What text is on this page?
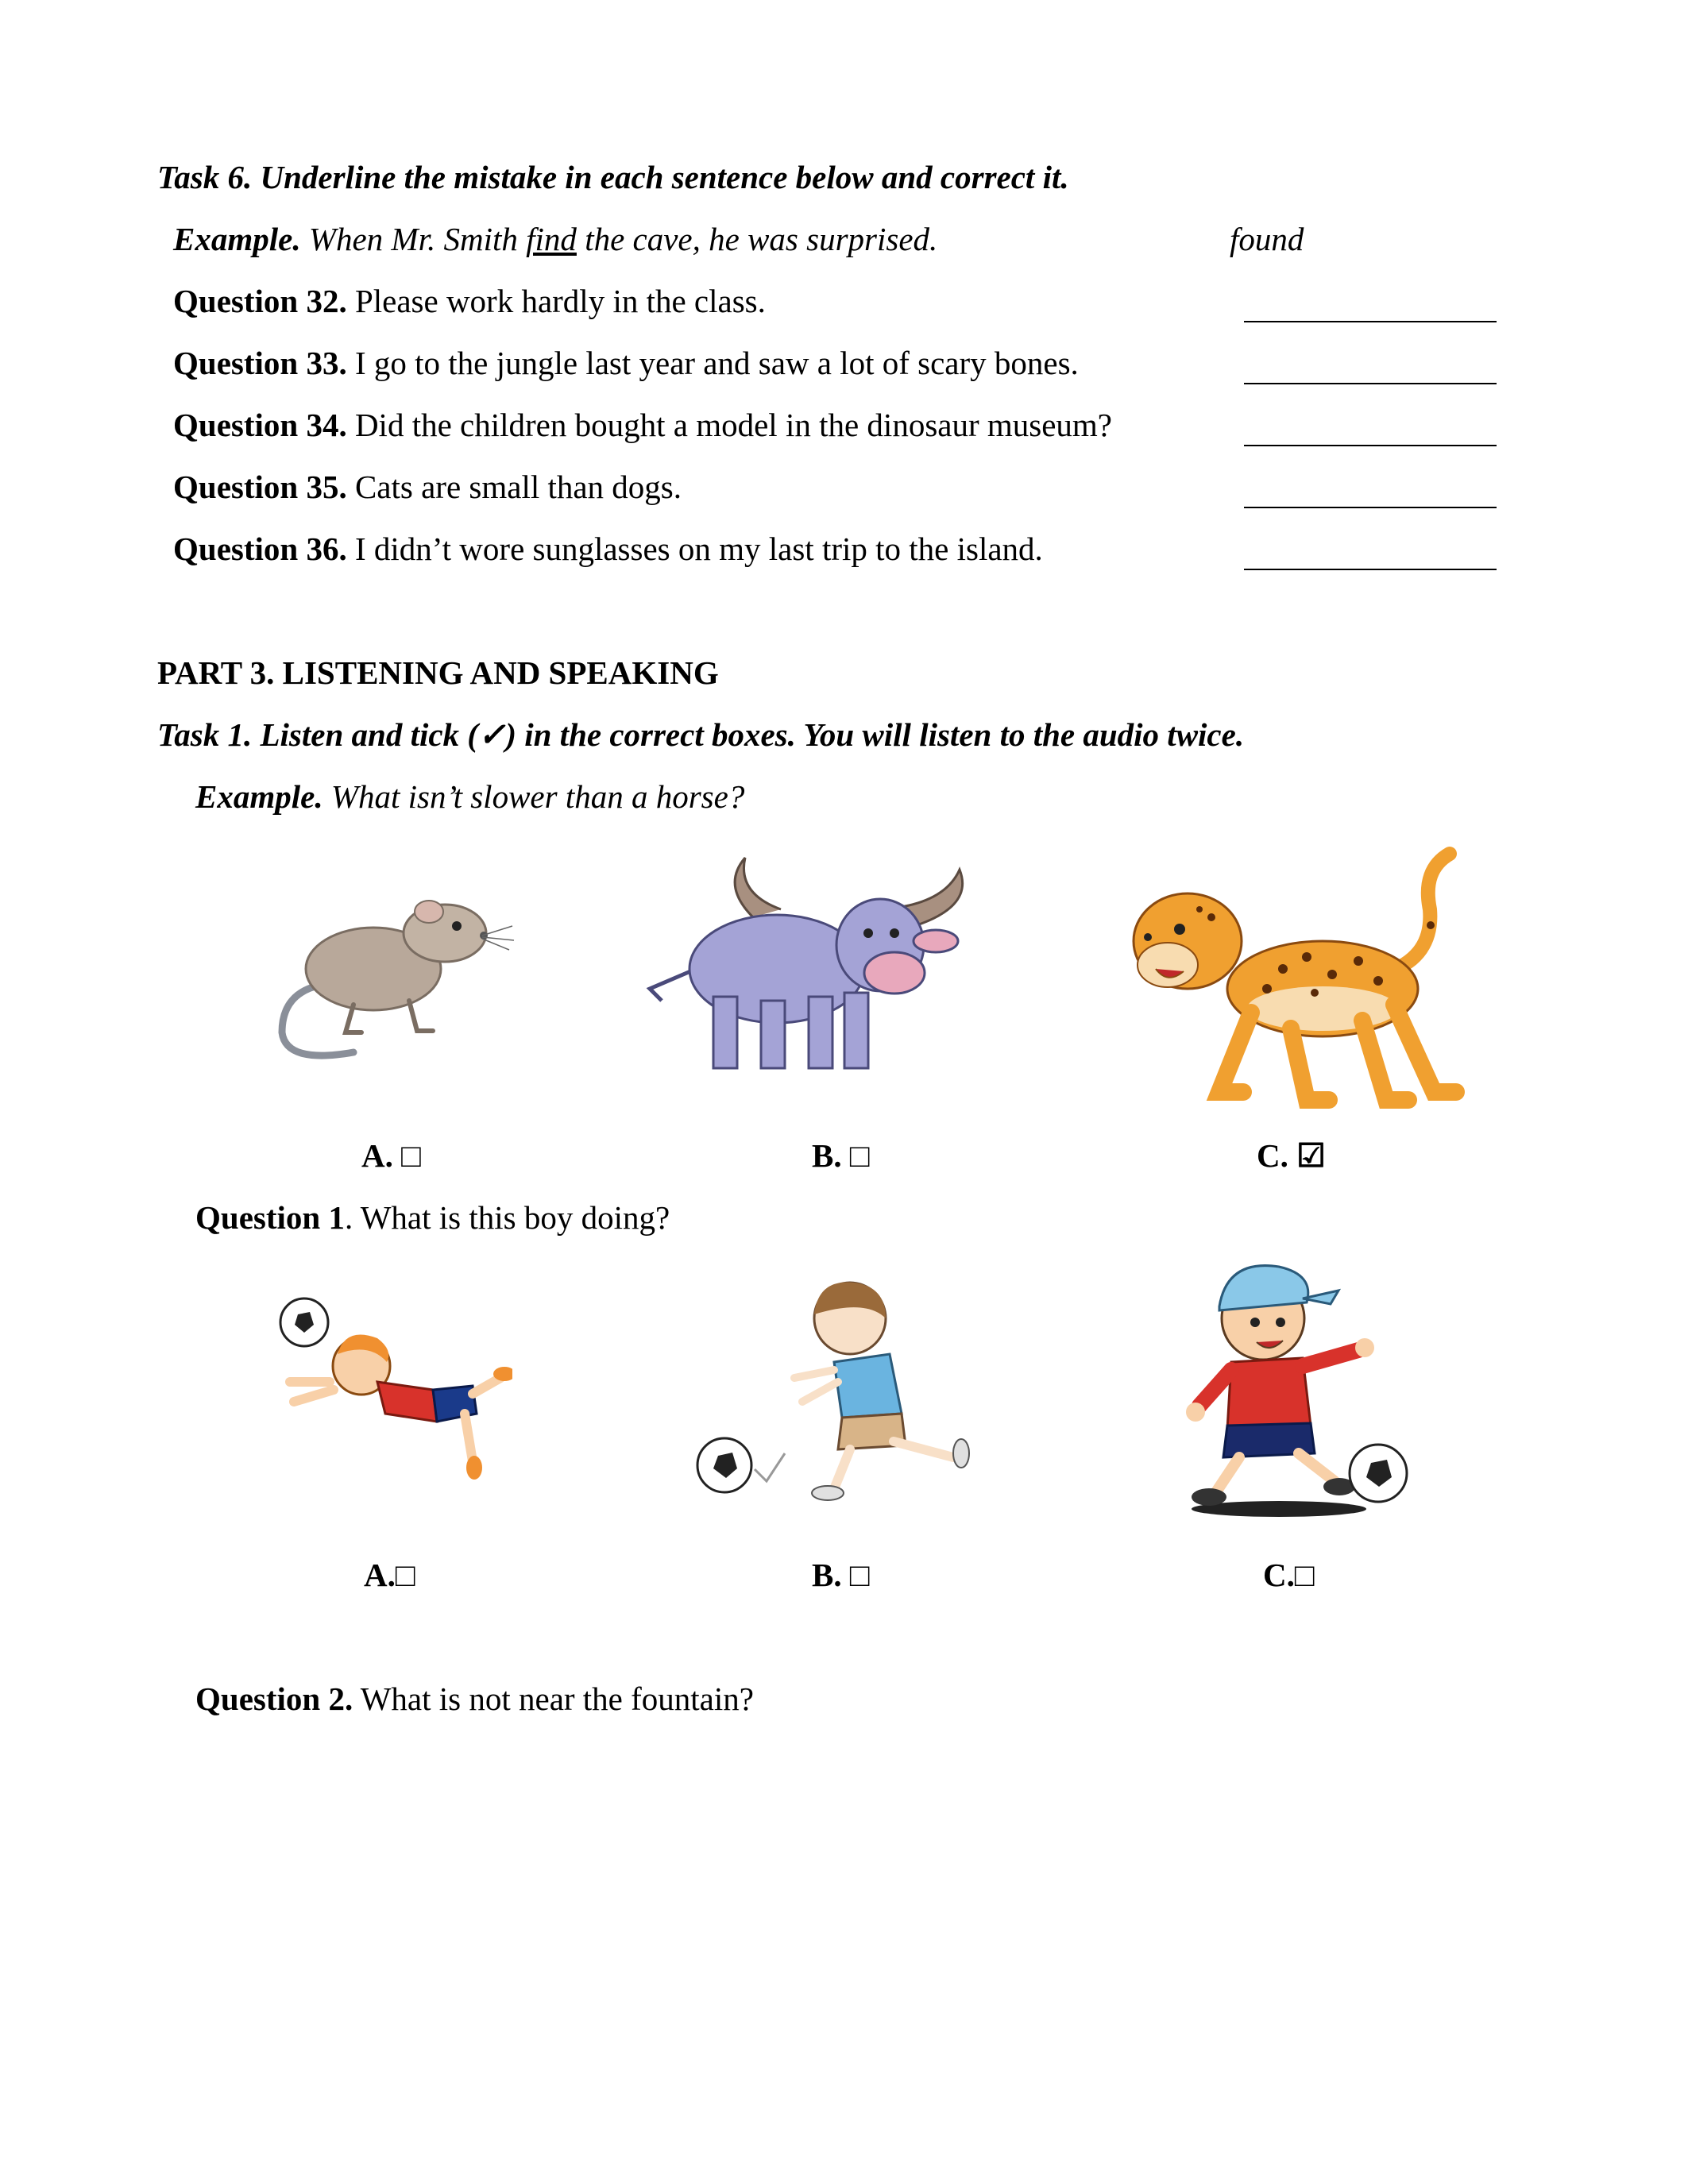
Task 6. Underline the mistake in each sentence below and correct it.
Example. When Mr. Smith find the cave, he was surprised.	found
Question 32. Please work hardly in the class.
Question 33. I go to the jungle last year and saw a lot of scary bones.
Question 34. Did the children bought a model in the dinosaur museum?
Question 35. Cats are small than dogs.
Question 36. I didn’t wore sunglasses on my last trip to the island.
PART 3. LISTENING AND SPEAKING
Task 1. Listen and tick (✓) in the correct boxes. You will listen to the audio twice.
Example. What isn’t slower than a horse?
A. □	B. □	C. ☑
Question 1. What is this boy doing?
A.□	B. □	C.□
Question 2. What is not near the fountain?
